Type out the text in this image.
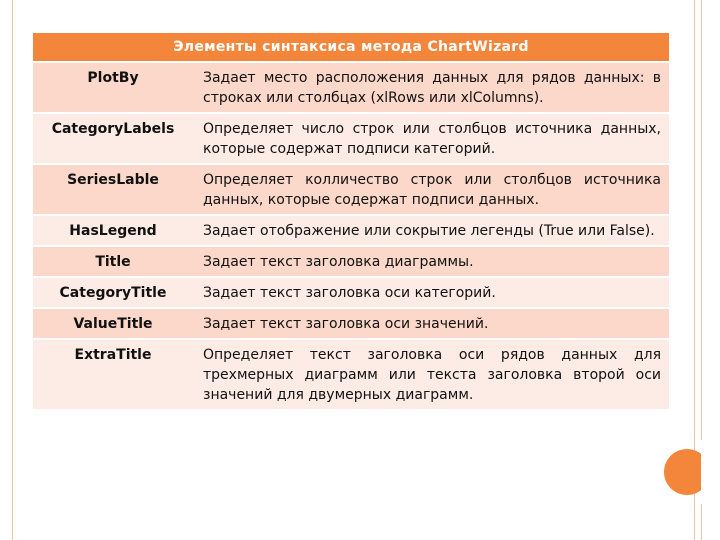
Элементы синтаксиса метода ChartWizard	
PlotBy	Задает место расположения данных для рядов данных: в строках или столбцах (xlRows или xlColumns).
CategoryLabels	Определяет число строк или столбцов источника данных, которые содержат подписи категорий.
SeriesLable	Определяет колличество строк или столбцов источника данных, которые содержат подписи данных.
HasLegend	Задает отображение или сокрытие легенды (True или False).
Title	Задает текст заголовка диаграммы.
CategoryTitle	Задает текст заголовка оси категорий.
ValueTitle	Задает текст заголовка оси значений.
ExtraTitle	Определяет текст заголовка оси рядов данных для трехмерных диаграмм или текста заголовка второй оси значений для двумерных диаграмм.
